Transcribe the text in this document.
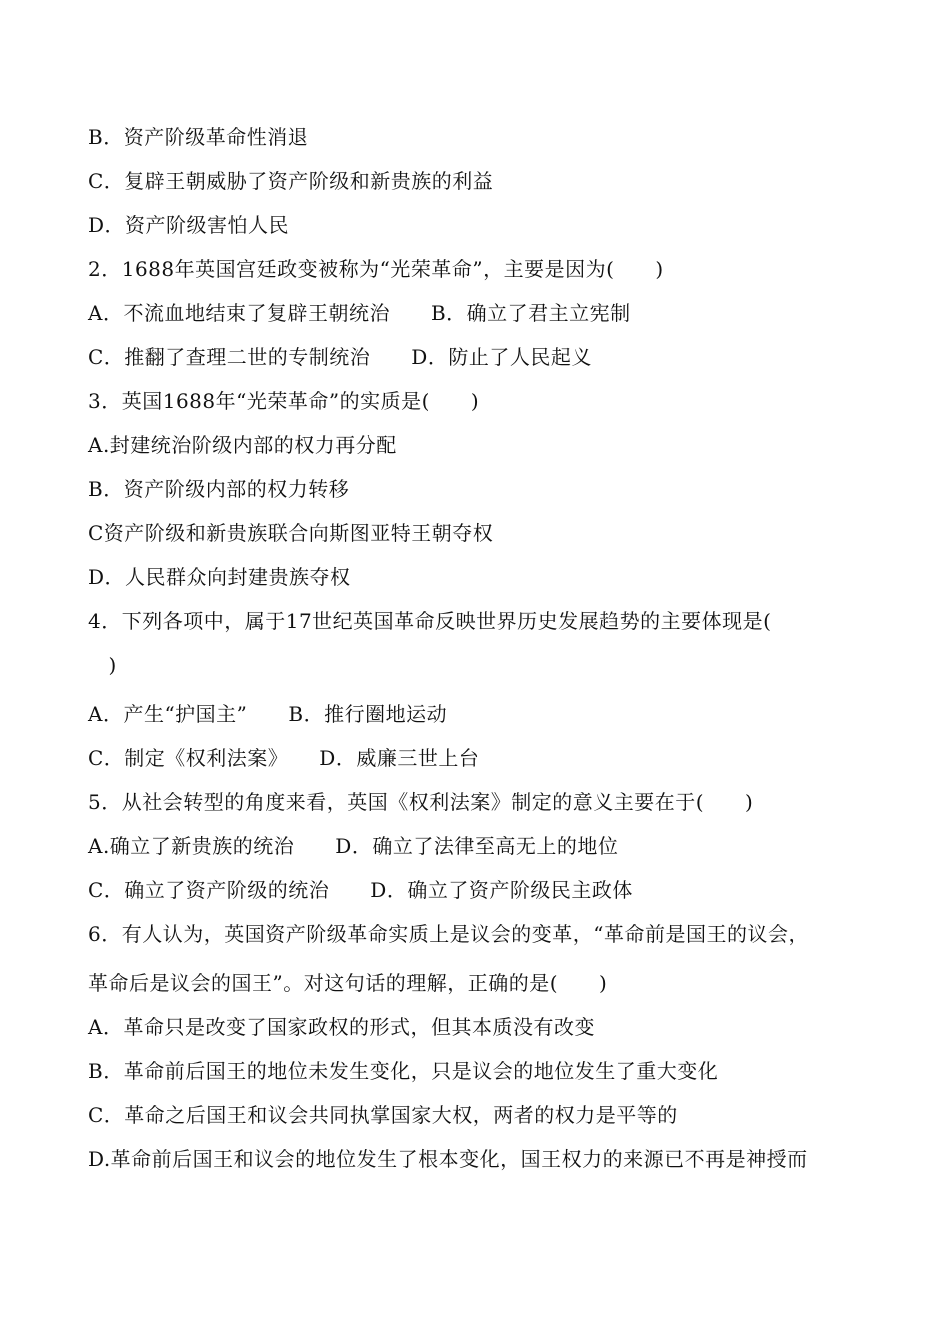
B．资产阶级革命性消退
C．复辟王朝威胁了资产阶级和新贵族的利益
D．资产阶级害怕人民
2．1688年英国宫廷政变被称为“光荣革命”，主要是因为(　　)
A．不流血地结束了复辟王朝统治　　B．确立了君主立宪制
C．推翻了查理二世的专制统治　　D．防止了人民起义
3．英国1688年“光荣革命”的实质是(　　)
A.封建统治阶级内部的权力再分配
B．资产阶级内部的权力转移
C资产阶级和新贵族联合向斯图亚特王朝夺权
D．人民群众向封建贵族夺权
4．下列各项中，属于17世纪英国革命反映世界历史发展趋势的主要体现是(
　)
A．产生“护国主”　　B．推行圈地运动
C．制定《权利法案》　　D．威廉三世上台
5．从社会转型的角度来看，英国《权利法案》制定的意义主要在于(　　)
A.确立了新贵族的统治　　D．确立了法律至高无上的地位
C．确立了资产阶级的统治　　D．确立了资产阶级民主政体
6．有人认为，英国资产阶级革命实质上是议会的变革，“革命前是国王的议会，
革命后是议会的国王”。对这句话的理解，正确的是(　　)
A．革命只是改变了国家政权的形式，但其本质没有改变
B．革命前后国王的地位未发生变化，只是议会的地位发生了重大变化
C．革命之后国王和议会共同执掌国家大权，两者的权力是平等的
D.革命前后国王和议会的地位发生了根本变化，国王权力的来源已不再是神授而
